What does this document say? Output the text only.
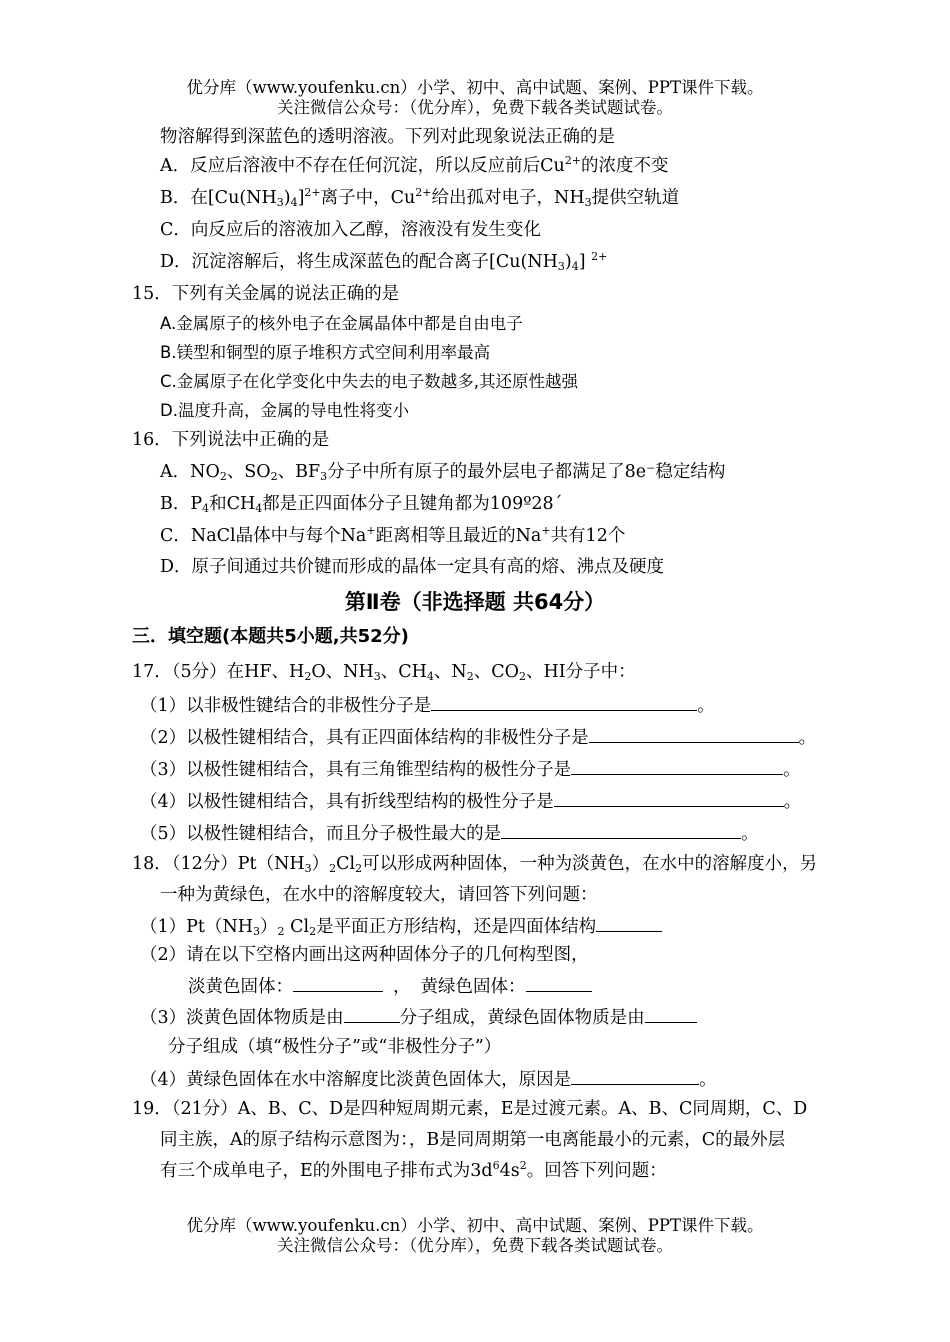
优分库（www.youfenku.cn）小学、初中、高中试题、案例、PPT课件下载。
关注微信公众号：（优分库），免费下载各类试题试卷。
物溶解得到深蓝色的透明溶液。下列对此现象说法正确的是
A．反应后溶液中不存在任何沉淀，所以反应前后$Cu^{2+}$的浓度不变
B．在$[Cu(NH_3)_4]^{2+}$离子中，$Cu^{2+}$给出孤对电子，$NH_3$提供空轨道
C．向反应后的溶液加入乙醇，溶液没有发生变化
D．沉淀溶解后，将生成深蓝色的配合离子$[Cu(NH_3)_4]$ $^{2+}$
15．下列有关金属的说法正确的是
A.金属原子的核外电子在金属晶体中都是自由电子
B.镁型和铜型的原子堆积方式空间利用率最高
C.金属原子在化学变化中失去的电子数越多,其还原性越强
D.温度升高，金属的导电性将变小
16．下列说法中正确的是
A．$NO_2$、$SO_2$、$BF_3$分子中所有原子的最外层电子都满足了8e⁻稳定结构
B．$P_4$和$CH_4$都是正四面体分子且键角都为109º28´
C．NaCl晶体中与每个Na+距离相等且最近的Na+共有12个
D．原子间通过共价键而形成的晶体一定具有高的熔、沸点及硬度
第Ⅱ卷（非选择题 共64分）
三．填空题(本题共5小题,共52分)
17．（5分）在HF、$H_2O$、$NH_3$、$CH_4$、$N_2$、$CO_2$、HI分子中：
（1）以非极性键结合的非极性分子是	。
（2）以极性键相结合，具有正四面体结构的非极性分子是	。
（3）以极性键相结合，具有三角锥型结构的极性分子是	。
（4）以极性键相结合，具有折线型结构的极性分子是	。
（5）以极性键相结合，而且分子极性最大的是	。
18．（12分）$Pt(NH_3)_2Cl_2$可以形成两种固体，一种为淡黄色，在水中的溶解度小，另
一种为黄绿色，在水中的溶解度较大，请回答下列问题：
$(1)Pt(NH_3)_2$ $Cl_2$是平面正方形结构，还是四面体结构
（2）请在以下空格内画出这两种固体分子的几何构型图，
淡黄色固体：	， 黄绿色固体：
（3）淡黄色固体物质是由	分子组成，黄绿色固体物质是由
分子组成（填“极性分子”或“非极性分子”）
（4）黄绿色固体在水中溶解度比淡黄色固体大，原因是	。
19．（21分）A、B、C、D是四种短周期元素，E是过渡元素。A、B、C同周期，C、D
同主族，A的原子结构示意图为：，B是同周期第一电离能最小的元素，C的最外层
有三个成单电子，E的外围电子排布式为$3d^64s^2$。回答下列问题：
优分库（www.youfenku.cn）小学、初中、高中试题、案例、PPT课件下载。
关注微信公众号：（优分库），免费下载各类试题试卷。
